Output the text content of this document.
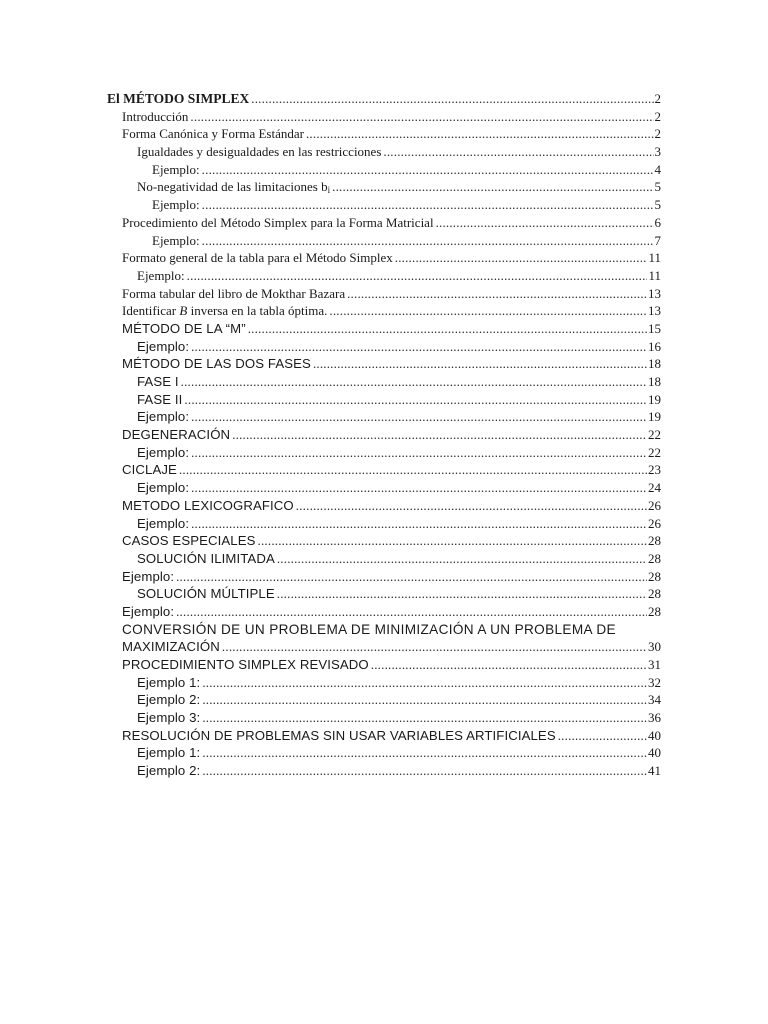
El MÉTODO SIMPLEX .....	2
Introducción .....	2
Forma Canónica y Forma Estándar .....	2
Igualdades y desigualdades en las restricciones .....	3
Ejemplo: .....	4
No-negatividad de las limitaciones $b_i$ .....	5
Ejemplo: .....	5
Procedimiento del Método Simplex para la Forma Matricial .....	6
Ejemplo: .....	7
Formato general de la tabla para el Método Simplex .....	11
Ejemplo: .....	11
Forma tabular del libro de Mokthar Bazara .....	13
Identificar B inversa en la tabla óptima. .....	13
MÉTODO DE LA “M” .....	15
Ejemplo: .....	16
MÉTODO DE LAS DOS FASES .....	18
FASE I .....	18
FASE II .....	19
Ejemplo: .....	19
DEGENERACIÓN .....	22
Ejemplo: .....	22
CICLAJE .....	23
Ejemplo: .....	24
METODO LEXICOGRAFICO .....	26
Ejemplo: .....	26
CASOS ESPECIALES .....	28
SOLUCIÓN ILIMITADA .....	28
Ejemplo: .....	28
SOLUCIÓN MÚLTIPLE .....	28
Ejemplo: .....	28
CONVERSIÓN DE UN PROBLEMA DE MINIMIZACIÓN A UN PROBLEMA DE
MAXIMIZACIÓN .....	30
PROCEDIMIENTO SIMPLEX REVISADO .....	31
Ejemplo 1: .....	32
Ejemplo 2: .....	34
Ejemplo 3: .....	36
RESOLUCIÓN DE PROBLEMAS SIN USAR VARIABLES ARTIFICIALES .....	40
Ejemplo 1: .....	40
Ejemplo 2: .....	41
